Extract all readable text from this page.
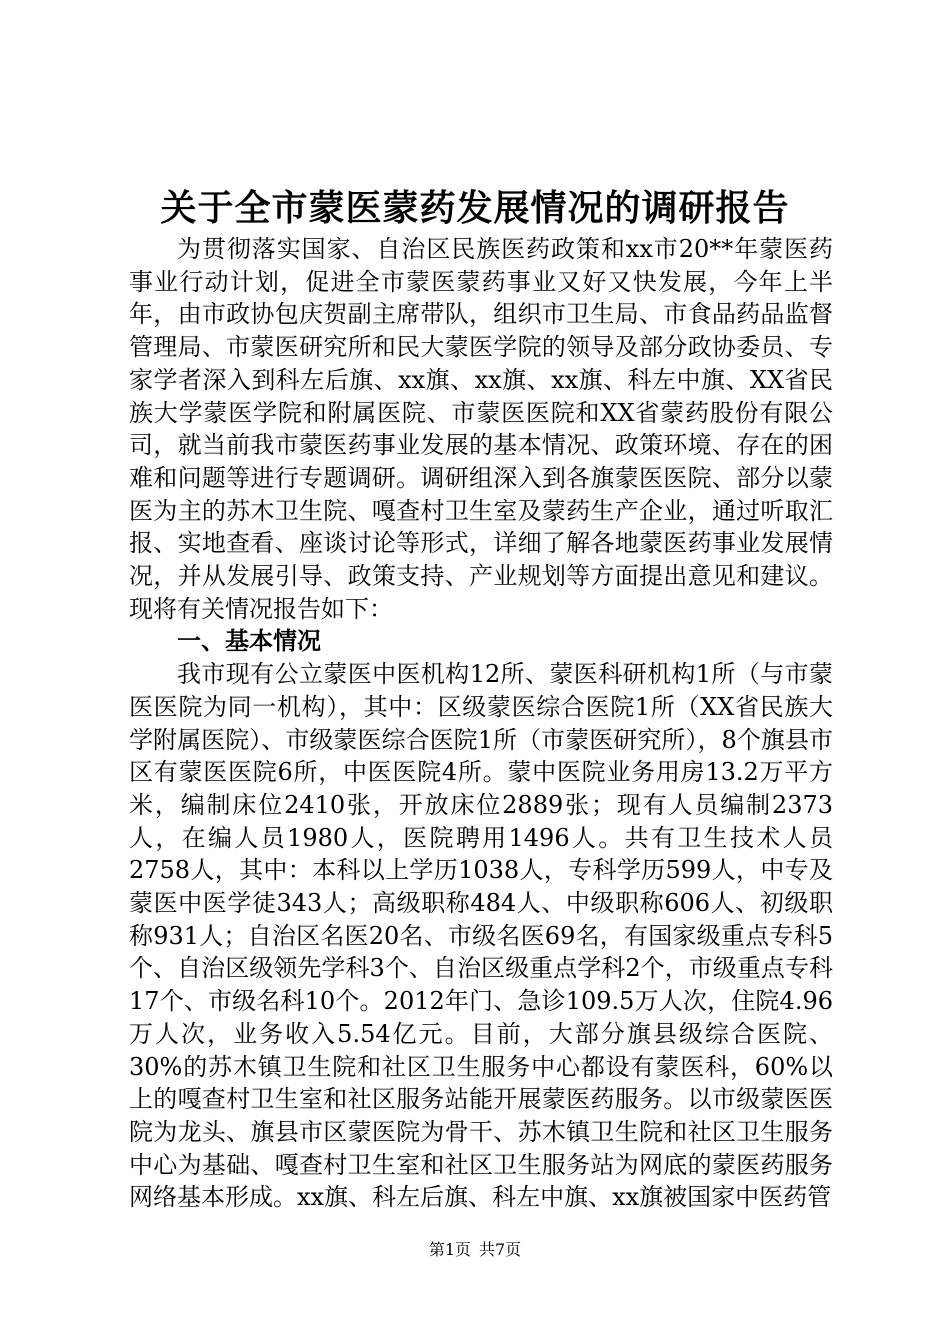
关于全市蒙医蒙药发展情况的调研报告

为贯彻落实国家、自治区民族医药政策和xx市20**年蒙医药事业行动计划，促进全市蒙医蒙药事业又好又快发展，今年上半年，由市政协包庆贺副主席带队，组织市卫生局、市食品药品监督管理局、市蒙医研究所和民大蒙医学院的领导及部分政协委员、专家学者深入到科左后旗、xx旗、xx旗、xx旗、科左中旗、XX省民族大学蒙医学院和附属医院、市蒙医医院和XX省蒙药股份有限公司，就当前我市蒙医药事业发展的基本情况、政策环境、存在的困难和问题等进行专题调研。调研组深入到各旗蒙医医院、部分以蒙医为主的苏木卫生院、嘎查村卫生室及蒙药生产企业，通过听取汇报、实地查看、座谈讨论等形式，详细了解各地蒙医药事业发展情况，并从发展引导、政策支持、产业规划等方面提出意见和建议。现将有关情况报告如下：

一、基本情况

我市现有公立蒙医中医机构12所、蒙医科研机构1所（与市蒙医医院为同一机构），其中：区级蒙医综合医院1所（XX省民族大学附属医院）、市级蒙医综合医院1所（市蒙医研究所），8个旗县市区有蒙医医院6所，中医医院4所。蒙中医院业务用房13.2万平方米，编制床位2410张，开放床位2889张；现有人员编制2373人，在编人员1980人，医院聘用1496人。共有卫生技术人员2758人，其中：本科以上学历1038人，专科学历599人，中专及蒙医中医学徒343人；高级职称484人、中级职称606人、初级职称931人；自治区名医20名、市级名医69名，有国家级重点专科5个、自治区级领先学科3个、自治区级重点学科2个，市级重点专科17个、市级名科10个。2012年门、急诊109.5万人次，住院4.96万人次，业务收入5.54亿元。目前，大部分旗县级综合医院、30%的苏木镇卫生院和社区卫生服务中心都设有蒙医科，60%以上的嘎查村卫生室和社区服务站能开展蒙医药服务。以市级蒙医医院为龙头、旗县市区蒙医院为骨干、苏木镇卫生院和社区卫生服务中心为基础、嘎查村卫生室和社区卫生服务站为网底的蒙医药服务网络基本形成。xx旗、科左后旗、科左中旗、xx旗被国家中医药管

第1页 共7页
